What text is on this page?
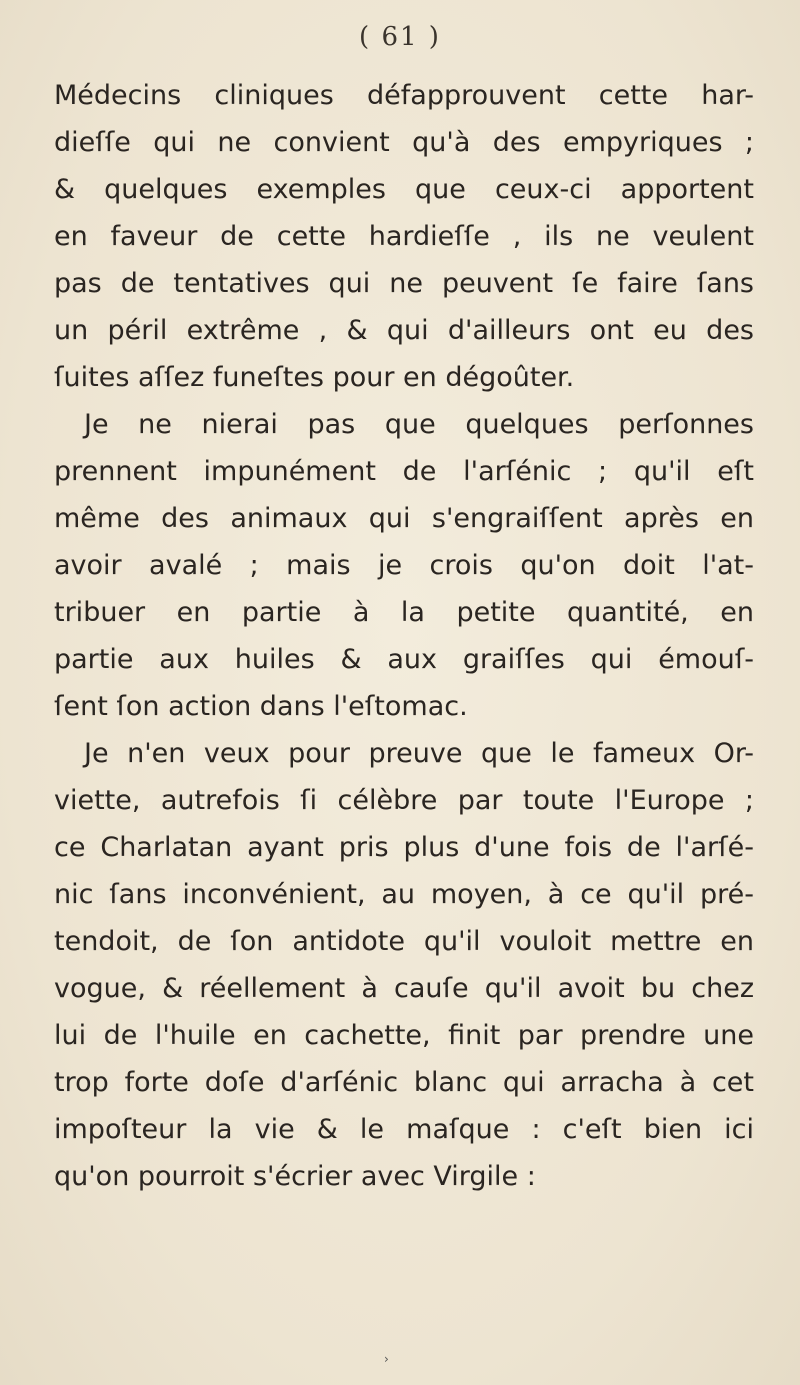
( 61 )
Médecins cliniques défapprouvent cette har-
dieſſe qui ne convient qu'à des empyriques ;
& quelques exemples que ceux-ci apportent
en faveur de cette hardieſſe , ils ne veulent
pas de tentatives qui ne peuvent ſe faire ſans
un péril extrême , & qui d'ailleurs ont eu des
ſuites aſſez funeſtes pour en dégoûter.
Je ne nierai pas que quelques perſonnes
prennent impunément de l'arſénic ; qu'il eſt
même des animaux qui s'engraiſſent après en
avoir avalé ; mais je crois qu'on doit l'at-
tribuer en partie à la petite quantité, en
partie aux huiles & aux graiſſes qui émouſ-
ſent ſon action dans l'eſtomac.
Je n'en veux pour preuve que le fameux Or-
viette, autrefois ſi célèbre par toute l'Europe ;
ce Charlatan ayant pris plus d'une fois de l'arſé-
nic ſans inconvénient, au moyen, à ce qu'il pré-
tendoit, de ſon antidote qu'il vouloit mettre en
vogue, & réellement à cauſe qu'il avoit bu chez
lui de l'huile en cachette, finit par prendre une
trop forte doſe d'arſénic blanc qui arracha à cet
impoſteur la vie & le maſque : c'eſt bien ici
qu'on pourroit s'écrier avec Virgile :
›
